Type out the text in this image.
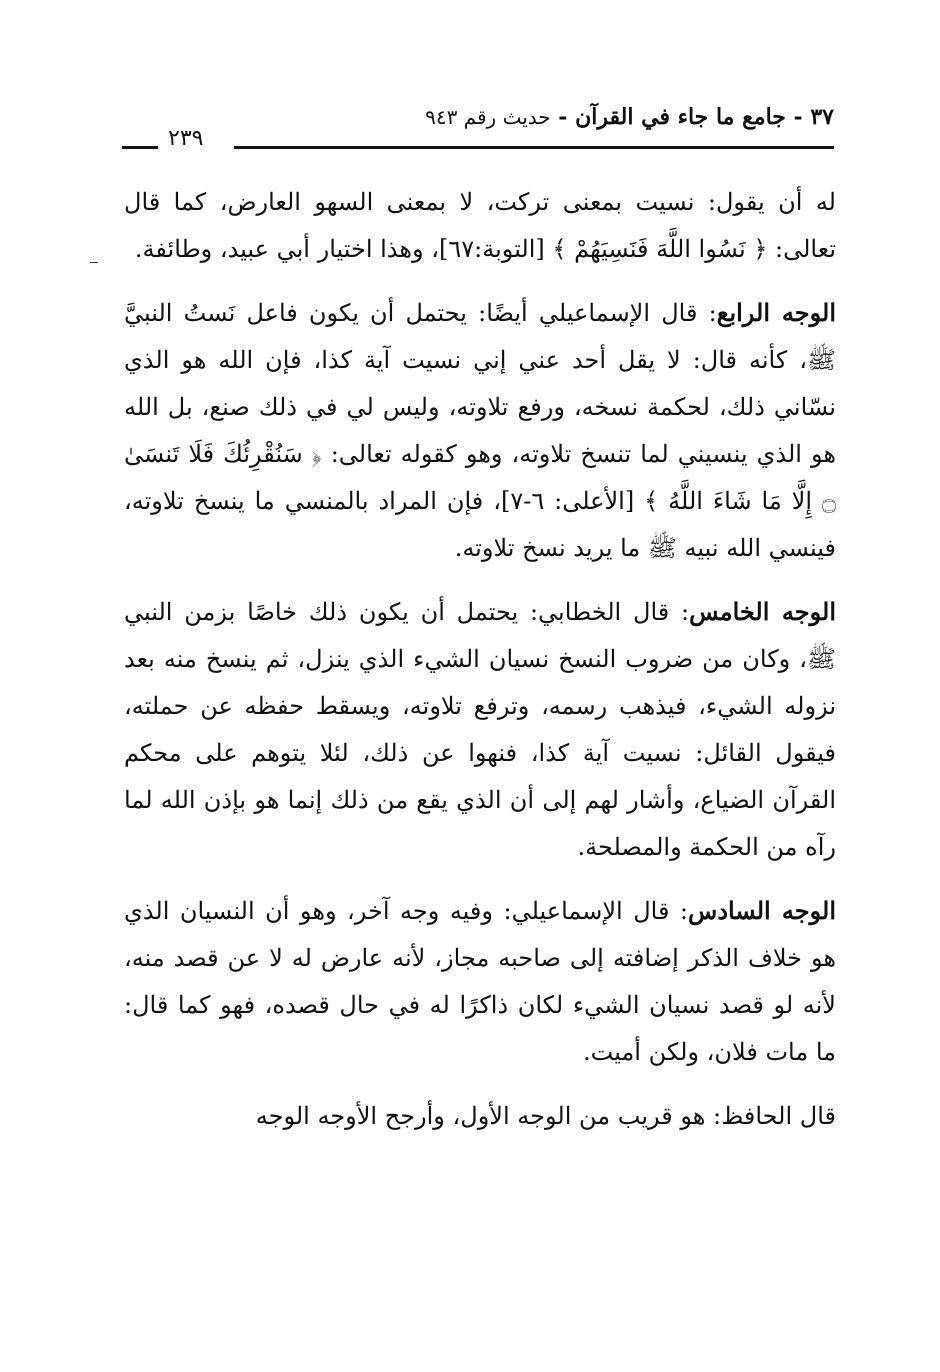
٣٧ - جامع ما جاء في القرآن - حديث رقم ٩٤٣
٢٣٩

له أن يقول: نسيت بمعنى تركت، لا بمعنى السهو العارض، كما قال تعالى: ﴿ نَسُوا اللَّهَ فَنَسِيَهُمْ ﴾ [التوبة:٦٧]، وهذا اختيار أبي عبيد، وطائفة.

الوجه الرابع: قال الإسماعيلي أيضًا: يحتمل أن يكون فاعل نَستُ النبيَّ ﷺ، كأنه قال: لا يقل أحد عني إني نسيت آية كذا، فإن الله هو الذي نسّاني ذلك، لحكمة نسخه، ورفع تلاوته، وليس لي في ذلك صنع، بل الله هو الذي ينسيني لما تنسخ تلاوته، وهو كقوله تعالى: ﴿ سَنُقْرِئُكَ فَلَا تَنسَىٰ ۝ إِلَّا مَا شَاءَ اللَّهُ ﴾ [الأعلى: ٦-٧]، فإن المراد بالمنسي ما ينسخ تلاوته، فينسي الله نبيه ﷺ ما يريد نسخ تلاوته.

الوجه الخامس: قال الخطابي: يحتمل أن يكون ذلك خاصًا بزمن النبي ﷺ، وكان من ضروب النسخ نسيان الشيء الذي ينزل، ثم ينسخ منه بعد نزوله الشيء، فيذهب رسمه، وترفع تلاوته، ويسقط حفظه عن حملته، فيقول القائل: نسيت آية كذا، فنهوا عن ذلك، لئلا يتوهم على محكم القرآن الضياع، وأشار لهم إلى أن الذي يقع من ذلك إنما هو بإذن الله لما رآه من الحكمة والمصلحة.

الوجه السادس: قال الإسماعيلي: وفيه وجه آخر، وهو أن النسيان الذي هو خلاف الذكر إضافته إلى صاحبه مجاز، لأنه عارض له لا عن قصد منه، لأنه لو قصد نسيان الشيء لكان ذاكرًا له في حال قصده، فهو كما قال: ما مات فلان، ولكن أميت.

قال الحافظ: هو قريب من الوجه الأول، وأرجح الأوجه الوجه
